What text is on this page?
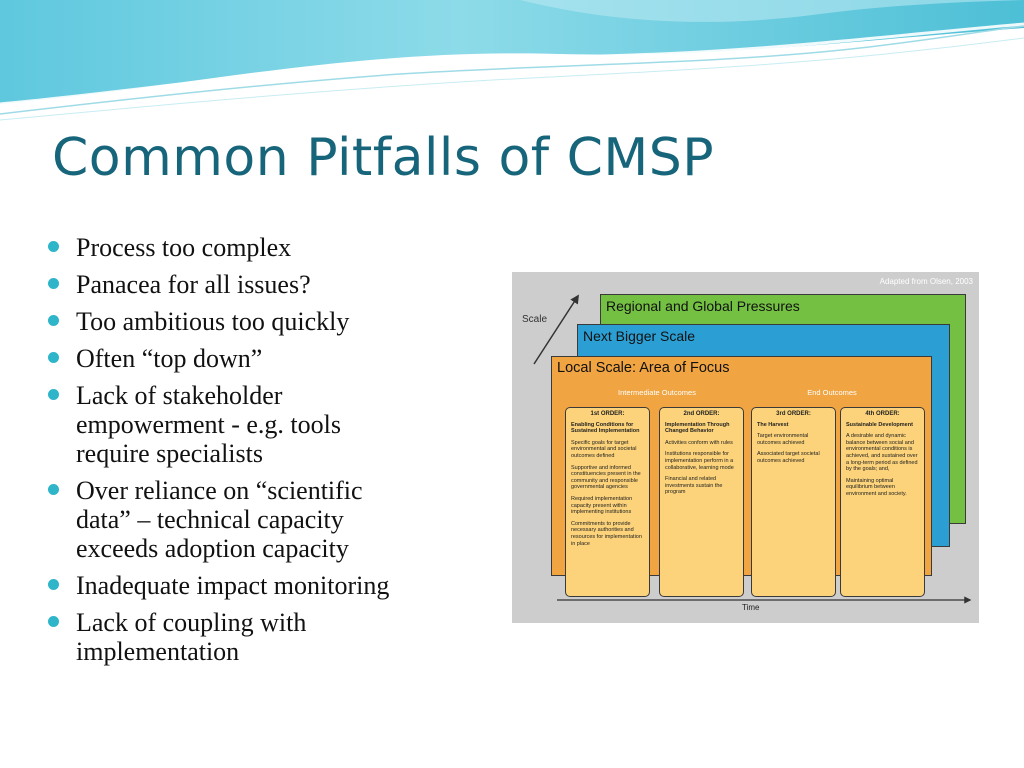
Common Pitfalls of CMSP
Process too complex
Panacea for all issues?
Too ambitious too quickly
Often “top down”
Lack of stakeholder
empowerment - e.g. tools
require specialists
Over reliance on “scientific
data” – technical capacity
exceeds adoption capacity
Inadequate impact monitoring
Lack of coupling with
implementation
Adapted from Olsen, 2003
Scale
Regional and Global Pressures
Next Bigger Scale
Local Scale: Area of Focus
Intermediate Outcomes	End Outcomes
1st ORDER:
Enabling Conditions for Sustained Implementation
Specific goals for target environmental and societal outcomes defined
Supportive and informed constituencies present in the community and responsible governmental agencies
Required implementation capacity present within implementing institutions
Commitments to provide necessary authorities and resources for implementation in place
2nd ORDER:
Implementation Through Changed Behavior
Activities conform with rules
Institutions responsible for implementation perform in a collaborative, learning mode
Financial and related investments sustain the program
3rd ORDER:
The Harvest
Target environmental outcomes achieved
Associated target societal outcomes achieved
4th ORDER:
Sustainable Development
A desirable and dynamic balance between social and environmental conditions is achieved, and sustained over a long-term period as defined by the goals; and,
Maintaining optimal equilibrium between environment and society.
Time
